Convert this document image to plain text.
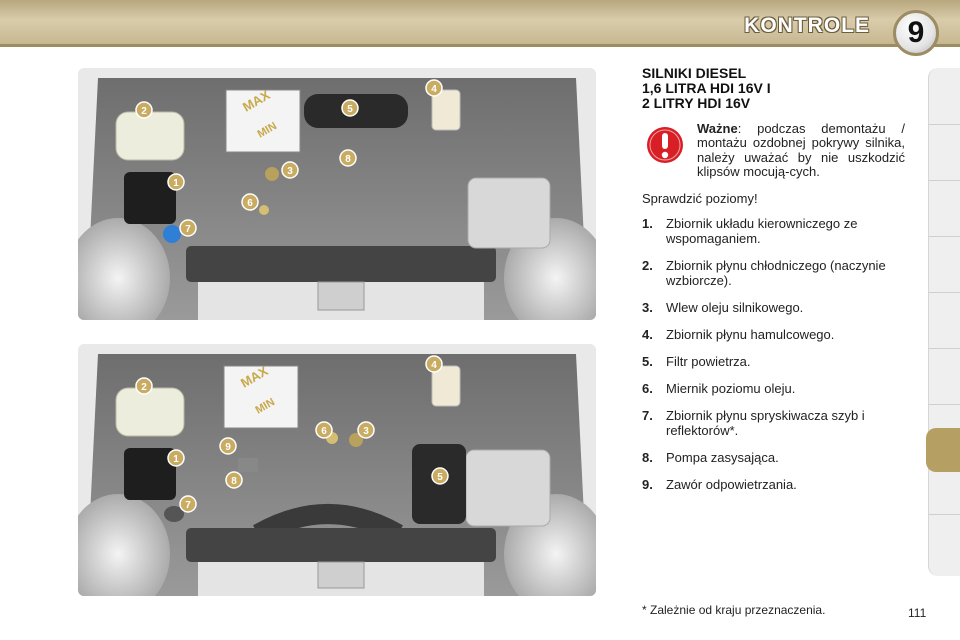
KONTROLE	9
MAX
MIN
1
2
3
4
5
6
7
8
MAX
MIN
1
2
3
4
5
6
7
8
9
SILNIKI DIESEL
1,6 LITRA HDI 16V I
2 LITRY HDI 16V
Ważne: podczas demontażu / montażu ozdobnej pokrywy silnika, należy uważać by nie uszkodzić klipsów mocują-cych.
Sprawdzić poziomy!
1. Zbiornik układu kierowniczego ze wspomaganiem.
2. Zbiornik płynu chłodniczego (naczynie wzbiorcze).
3. Wlew oleju silnikowego.
4. Zbiornik płynu hamulcowego.
5. Filtr powietrza.
6. Miernik poziomu oleju.
7. Zbiornik płynu spryskiwacza szyb i reflektorów*.
8. Pompa zasysająca.
9. Zawór odpowietrzania.
* Zależnie od kraju przeznaczenia.	111
